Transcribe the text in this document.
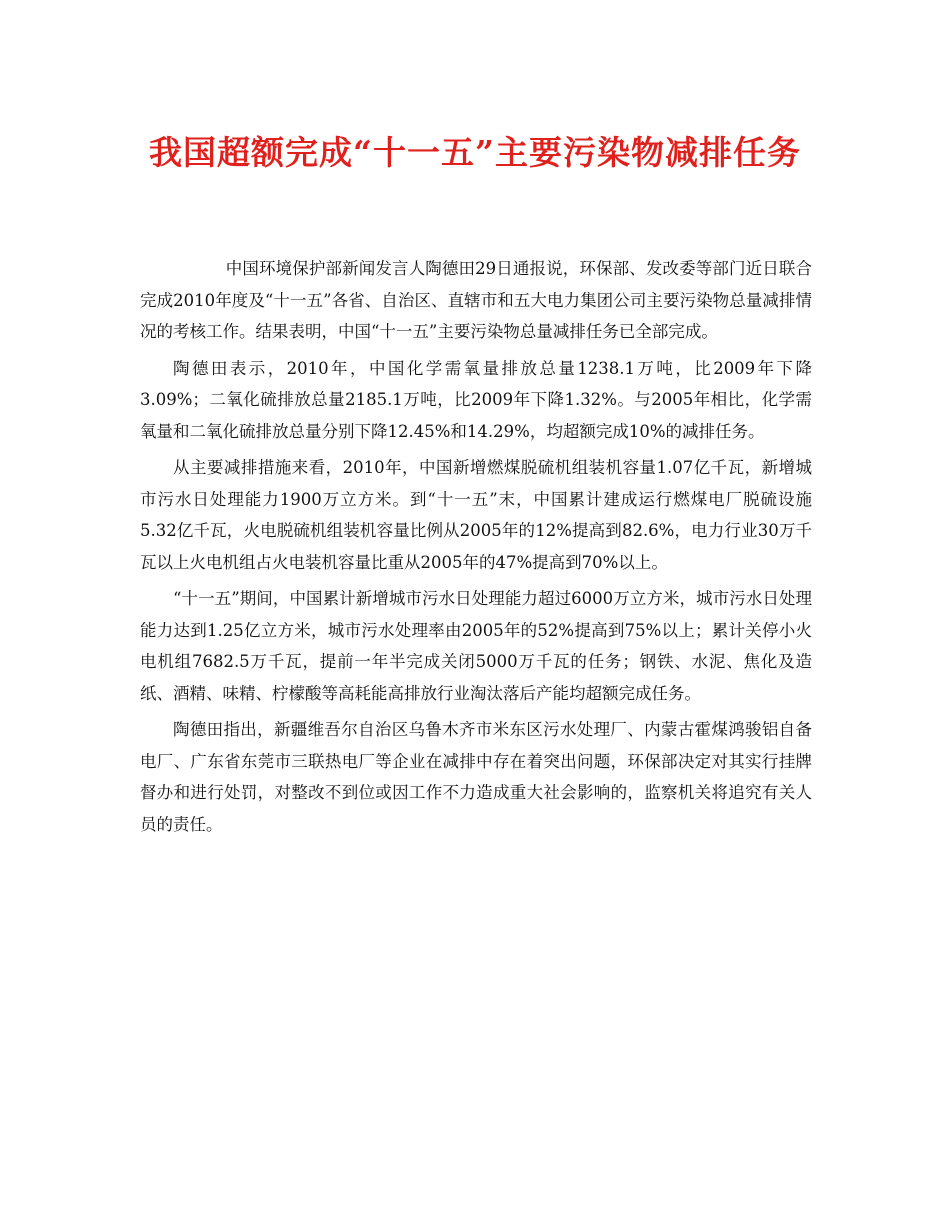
我国超额完成“十一五”主要污染物减排任务

中国环境保护部新闻发言人陶德田29日通报说，环保部、发改委等部门近日联合完成2010年度及“十一五”各省、自治区、直辖市和五大电力集团公司主要污染物总量减排情况的考核工作。结果表明，中国“十一五”主要污染物总量减排任务已全部完成。

陶德田表示，2010年，中国化学需氧量排放总量1238.1万吨，比2009年下降3.09%；二氧化硫排放总量2185.1万吨，比2009年下降1.32%。与2005年相比，化学需氧量和二氧化硫排放总量分别下降12.45%和14.29%，均超额完成10%的减排任务。

从主要减排措施来看，2010年，中国新增燃煤脱硫机组装机容量1.07亿千瓦，新增城市污水日处理能力1900万立方米。到“十一五”末，中国累计建成运行燃煤电厂脱硫设施5.32亿千瓦，火电脱硫机组装机容量比例从2005年的12%提高到82.6%，电力行业30万千瓦以上火电机组占火电装机容量比重从2005年的47%提高到70%以上。

“十一五”期间，中国累计新增城市污水日处理能力超过6000万立方米，城市污水日处理能力达到1.25亿立方米，城市污水处理率由2005年的52%提高到75%以上；累计关停小火电机组7682.5万千瓦，提前一年半完成关闭5000万千瓦的任务；钢铁、水泥、焦化及造纸、酒精、味精、柠檬酸等高耗能高排放行业淘汰落后产能均超额完成任务。

陶德田指出，新疆维吾尔自治区乌鲁木齐市米东区污水处理厂、内蒙古霍煤鸿骏铝自备电厂、广东省东莞市三联热电厂等企业在减排中存在着突出问题，环保部决定对其实行挂牌督办和进行处罚，对整改不到位或因工作不力造成重大社会影响的，监察机关将追究有关人员的责任。
